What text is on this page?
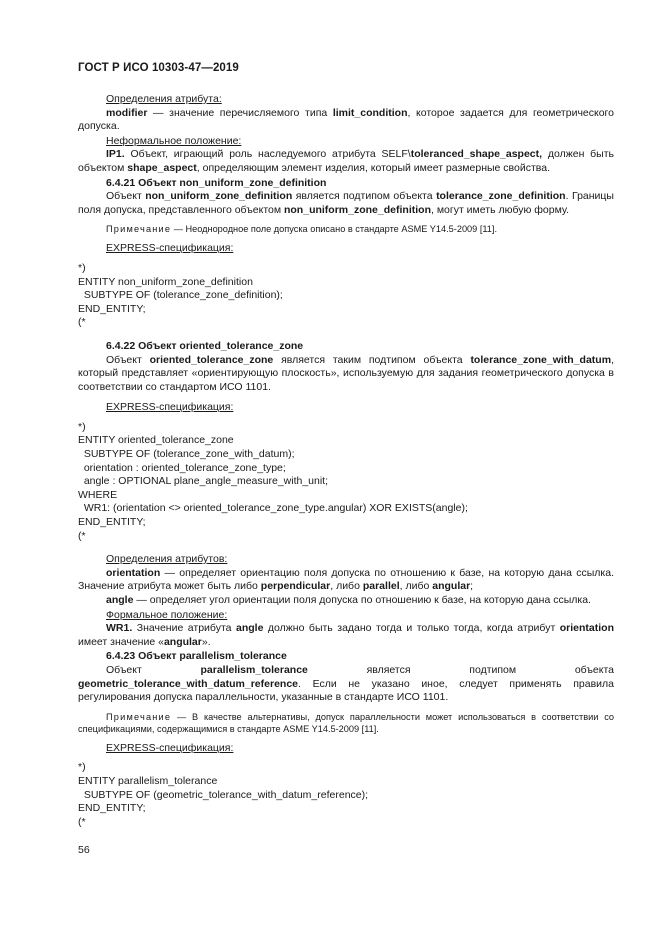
ГОСТ Р ИСО 10303-47—2019

Определения атрибута:

modifier — значение перечисляемого типа limit_condition, которое задается для геометрического допуска.

Неформальное положение:

IP1. Объект, играющий роль наследуемого атрибута SELF\toleranced_shape_aspect, должен быть объектом shape_aspect, определяющим элемент изделия, который имеет размерные свойства.

6.4.21 Объект non_uniform_zone_definition

Объект non_uniform_zone_definition является подтипом объекта tolerance_zone_definition. Границы поля допуска, представленного объектом non_uniform_zone_definition, могут иметь любую форму.

Примечание — Неоднородное поле допуска описано в стандарте ASME Y14.5-2009 [11].

EXPRESS-спецификация:

*)
ENTITY non_uniform_zone_definition
SUBTYPE OF (tolerance_zone_definition);
END_ENTITY;
(*

6.4.22 Объект oriented_tolerance_zone

Объект oriented_tolerance_zone является таким подтипом объекта tolerance_zone_with_datum, который представляет «ориентирующую плоскость», используемую для задания геометрического допуска в соответствии со стандартом ИСО 1101.

EXPRESS-спецификация:

*)
ENTITY oriented_tolerance_zone
SUBTYPE OF (tolerance_zone_with_datum);
orientation : oriented_tolerance_zone_type;
angle : OPTIONAL plane_angle_measure_with_unit;
WHERE
WR1: (orientation <> oriented_tolerance_zone_type.angular) XOR EXISTS(angle);
END_ENTITY;
(*

Определения атрибутов:

orientation — определяет ориентацию поля допуска по отношению к базе, на которую дана ссылка. Значение атрибута может быть либо perpendicular, либо parallel, либо angular;

angle — определяет угол ориентации поля допуска по отношению к базе, на которую дана ссылка.

Формальное положение:

WR1. Значение атрибута angle должно быть задано тогда и только тогда, когда атрибут orientation имеет значение «angular».

6.4.23 Объект parallelism_tolerance

Объект parallelism_tolerance является подтипом объекта geometric_tolerance_with_datum_reference. Если не указано иное, следует применять правила регулирования допуска параллельности, указанные в стандарте ИСО 1101.

Примечание — В качестве альтернативы, допуск параллельности может использоваться в соответствии со спецификациями, содержащимися в стандарте ASME Y14.5-2009 [11].

EXPRESS-спецификация:

*)
ENTITY parallelism_tolerance
SUBTYPE OF (geometric_tolerance_with_datum_reference);
END_ENTITY;
(*

56
